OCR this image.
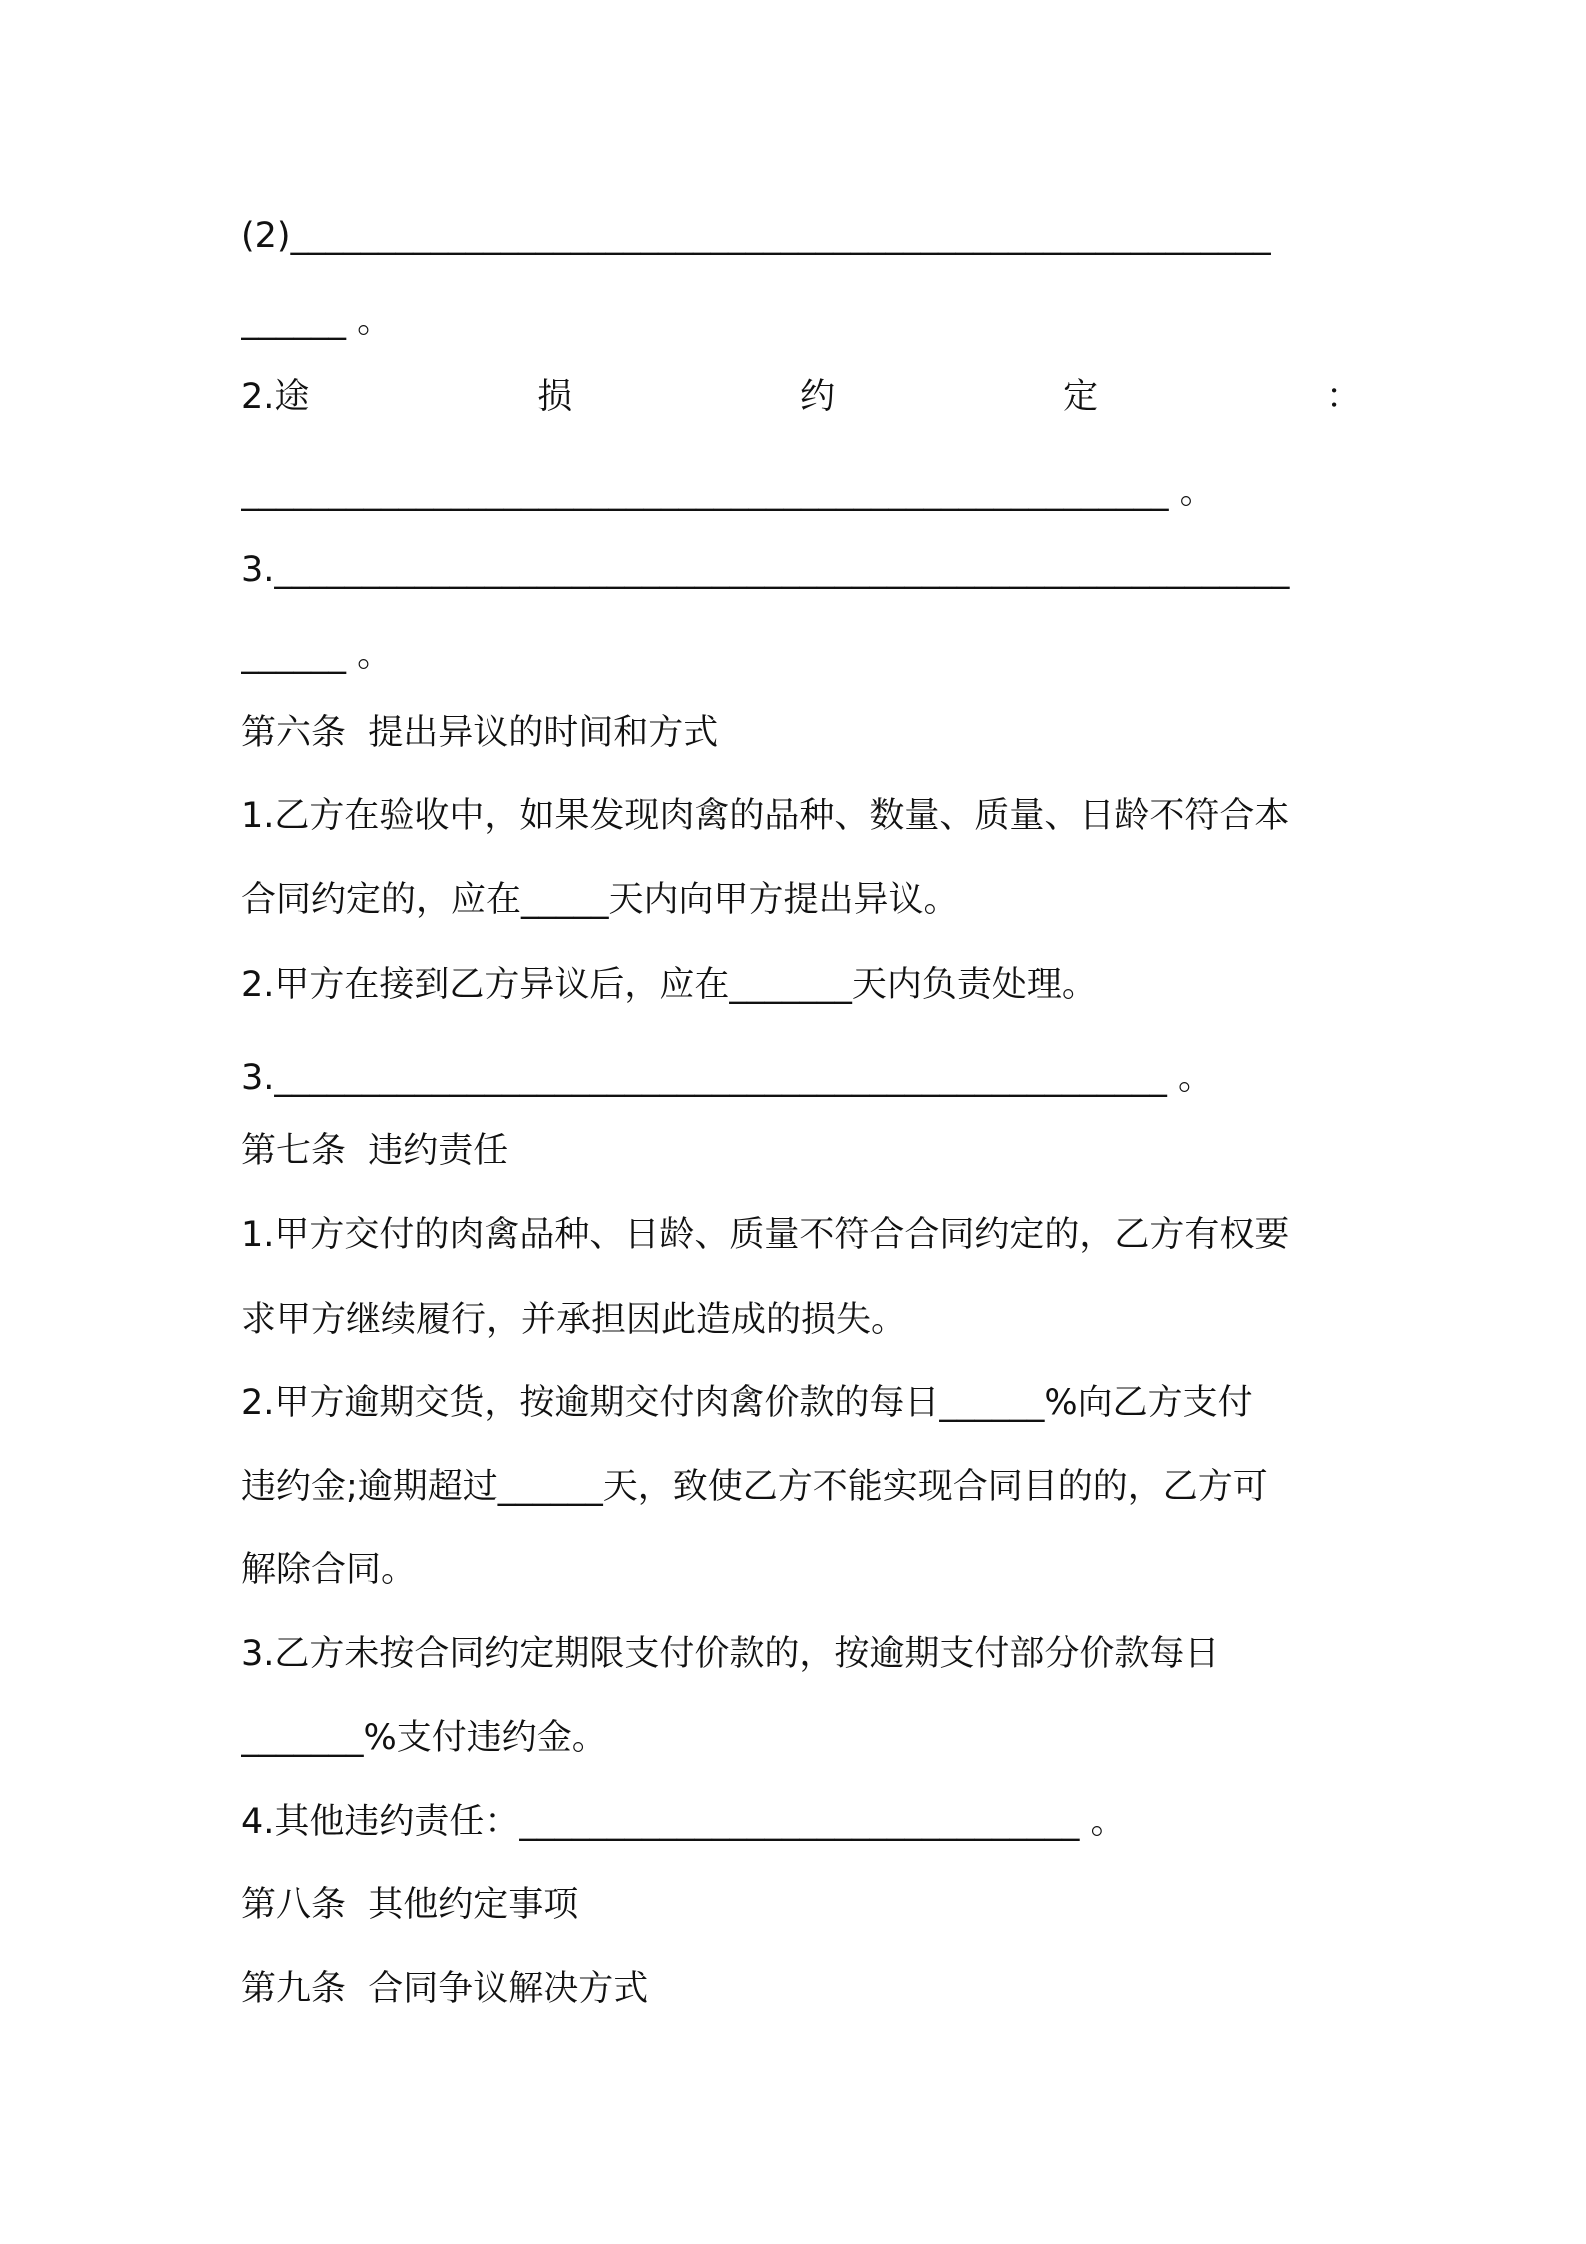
(2)________________________________________________________
______ 。
2.途	损	约	定	：
_____________________________________________________ 。
3.__________________________________________________________
______ 。
第六条  提出异议的时间和方式
1.乙方在验收中，如果发现肉禽的品种、数量、质量、日龄不符合本
合同约定的，应在_____天内向甲方提出异议。
2.甲方在接到乙方异议后，应在_______天内负责处理。
3.___________________________________________________ 。
第七条  违约责任
1.甲方交付的肉禽品种、日龄、质量不符合合同约定的，乙方有权要
求甲方继续履行，并承担因此造成的损失。
2.甲方逾期交货，按逾期交付肉禽价款的每日______%向乙方支付
违约金;逾期超过______天，致使乙方不能实现合同目的的，乙方可
解除合同。
3.乙方未按合同约定期限支付价款的，按逾期支付部分价款每日
_______%支付违约金。
4.其他违约责任：________________________________ 。
第八条  其他约定事项
第九条  合同争议解决方式
